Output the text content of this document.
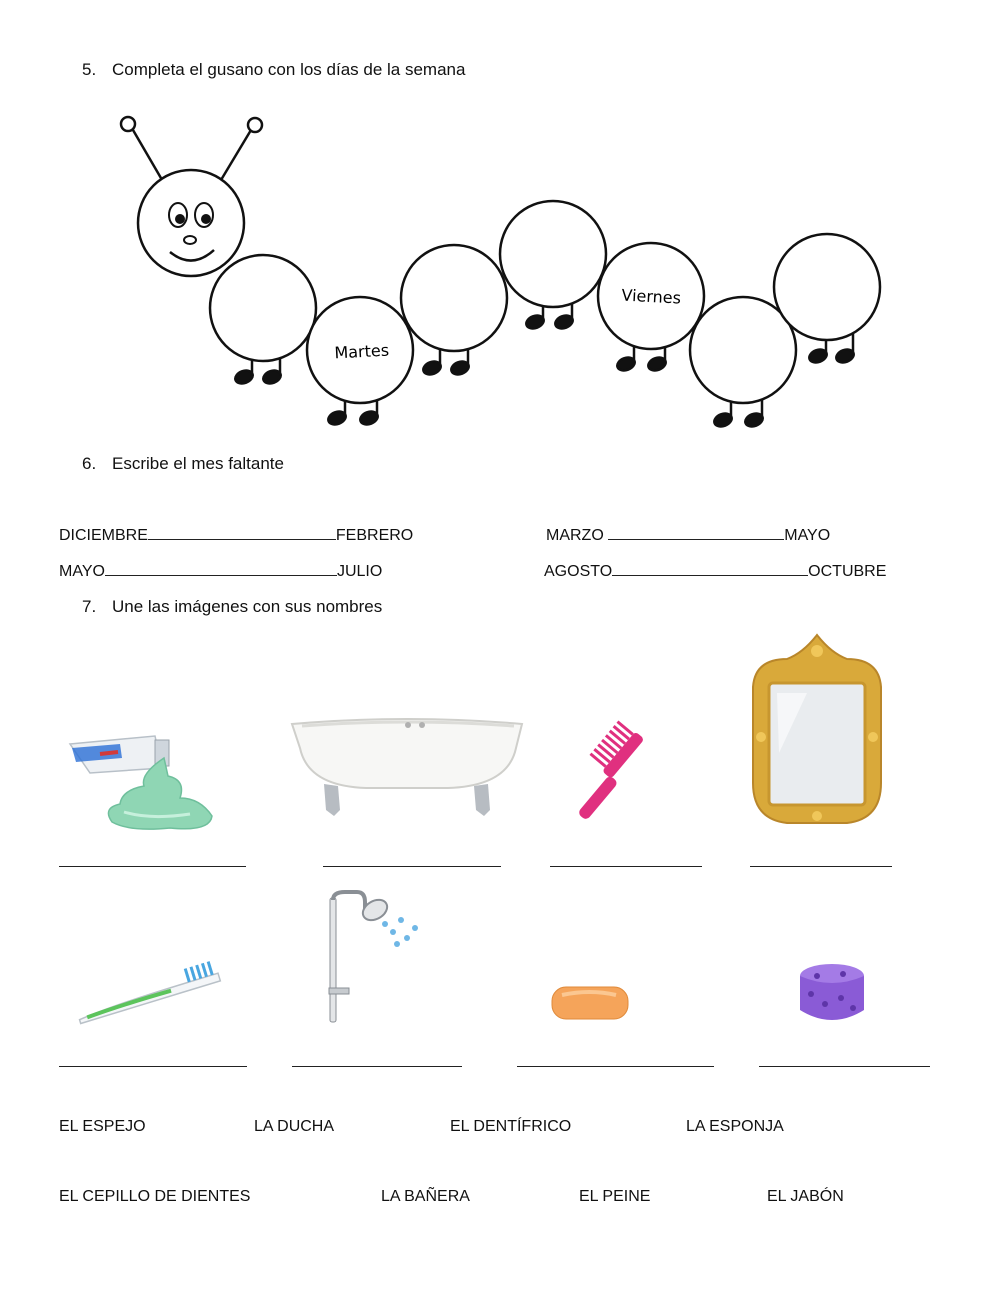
5. Completa el gusano con los días de la semana
Martes
Viernes
6. Escribe el mes faltante
DICIEMBRE	FEBRERO	MARZO	MAYO
MAYO	JULIO	AGOSTO	OCTUBRE
7. Une las imágenes con sus nombres
EL ESPEJO	LA DUCHA	EL DENTÍFRICO	LA ESPONJA
EL CEPILLO DE DIENTES	LA BAÑERA	EL PEINE	EL JABÓN
